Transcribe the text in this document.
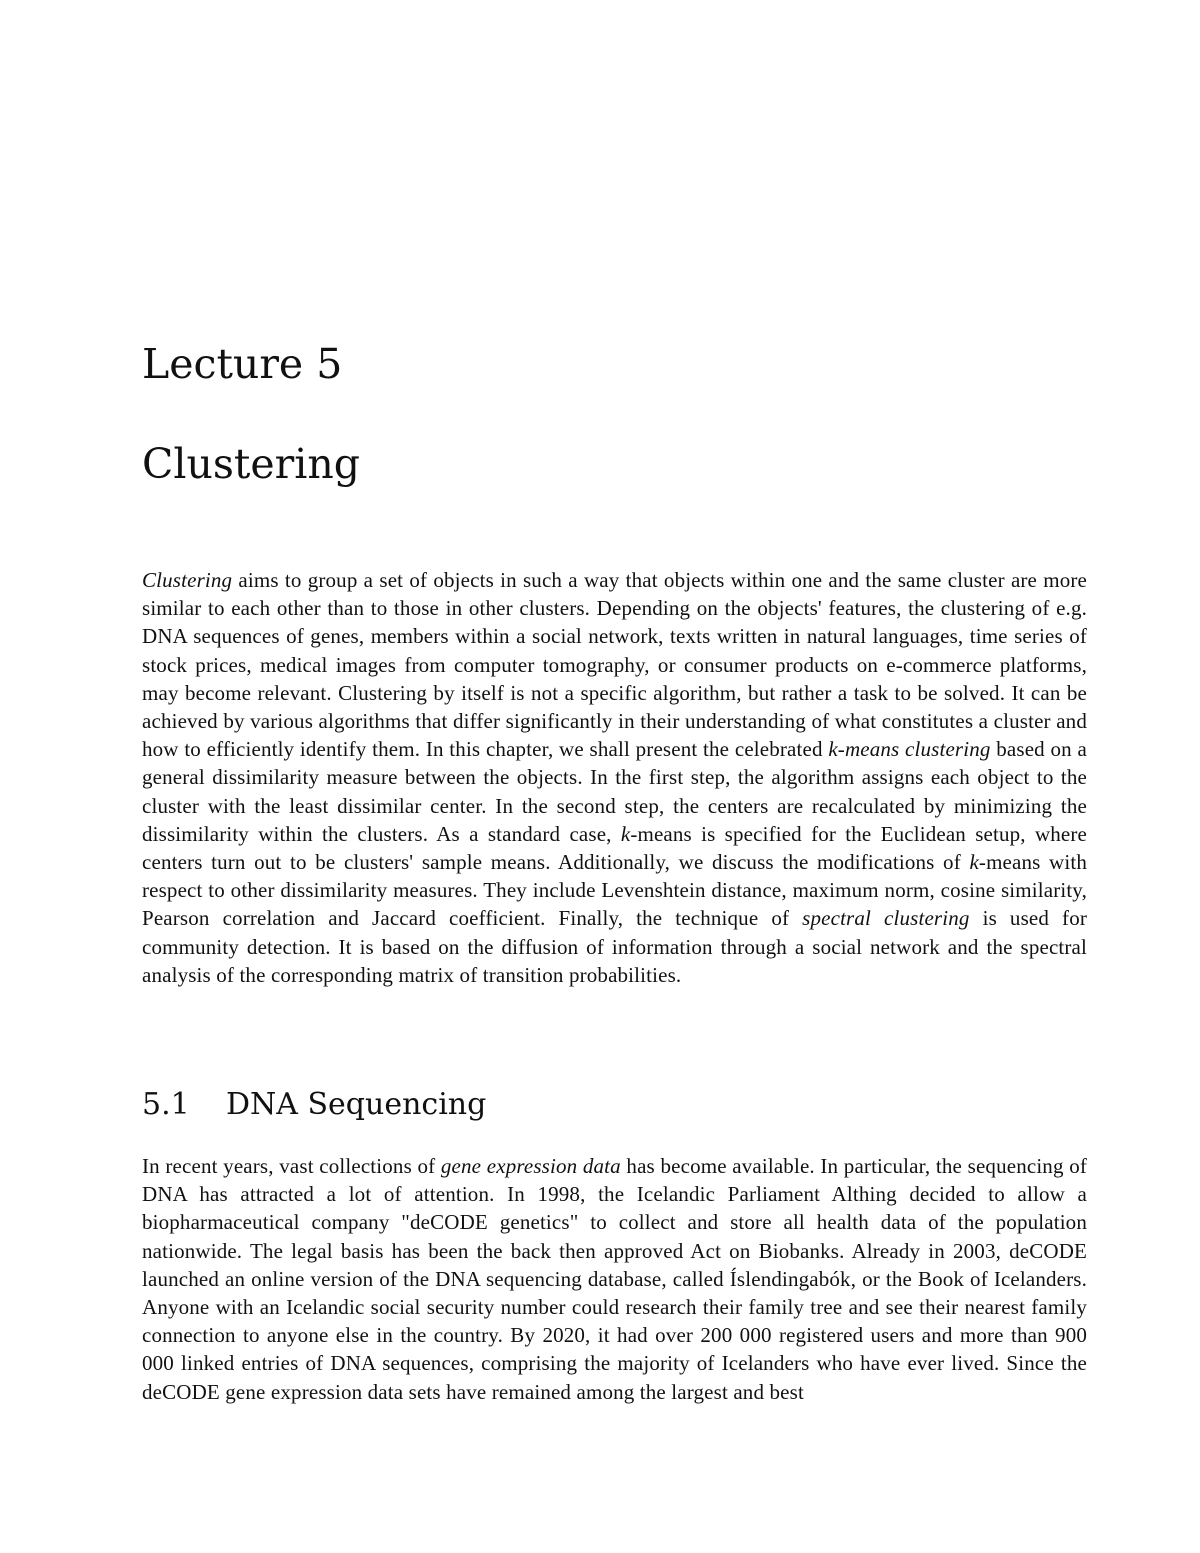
Lecture 5
Clustering

Clustering aims to group a set of objects in such a way that objects within one and the same cluster are more similar to each other than to those in other clusters. Depending on the objects' features, the clustering of e.g. DNA sequences of genes, members within a social network, texts written in natural languages, time series of stock prices, medical images from computer tomography, or consumer products on e-commerce platforms, may become relevant. Clustering by itself is not a specific algorithm, but rather a task to be solved. It can be achieved by various algorithms that differ significantly in their understanding of what constitutes a cluster and how to efficiently identify them. In this chapter, we shall present the celebrated k-means clustering based on a general dissimilarity measure between the objects. In the first step, the algorithm assigns each object to the cluster with the least dissimilar center. In the second step, the centers are recalculated by minimizing the dissimilarity within the clusters. As a standard case, k-means is specified for the Euclidean setup, where centers turn out to be clusters' sample means. Additionally, we discuss the modifications of k-means with respect to other dissimilarity measures. They include Levenshtein distance, maximum norm, cosine similarity, Pearson correlation and Jaccard coefficient. Finally, the technique of spectral clustering is used for community detection. It is based on the diffusion of information through a social network and the spectral analysis of the corresponding matrix of transition probabilities.

5.1 DNA Sequencing

In recent years, vast collections of gene expression data has become available. In particular, the sequencing of DNA has attracted a lot of attention. In 1998, the Icelandic Parliament Althing decided to allow a biopharmaceutical company "deCODE genetics" to collect and store all health data of the population nationwide. The legal basis has been the back then approved Act on Biobanks. Already in 2003, deCODE launched an online version of the DNA sequencing database, called Íslendingabók, or the Book of Icelanders. Anyone with an Icelandic social security number could research their family tree and see their nearest family connection to anyone else in the country. By 2020, it had over 200 000 registered users and more than 900 000 linked entries of DNA sequences, comprising the majority of Icelanders who have ever lived. Since the deCODE gene expression data sets have remained among the largest and best
